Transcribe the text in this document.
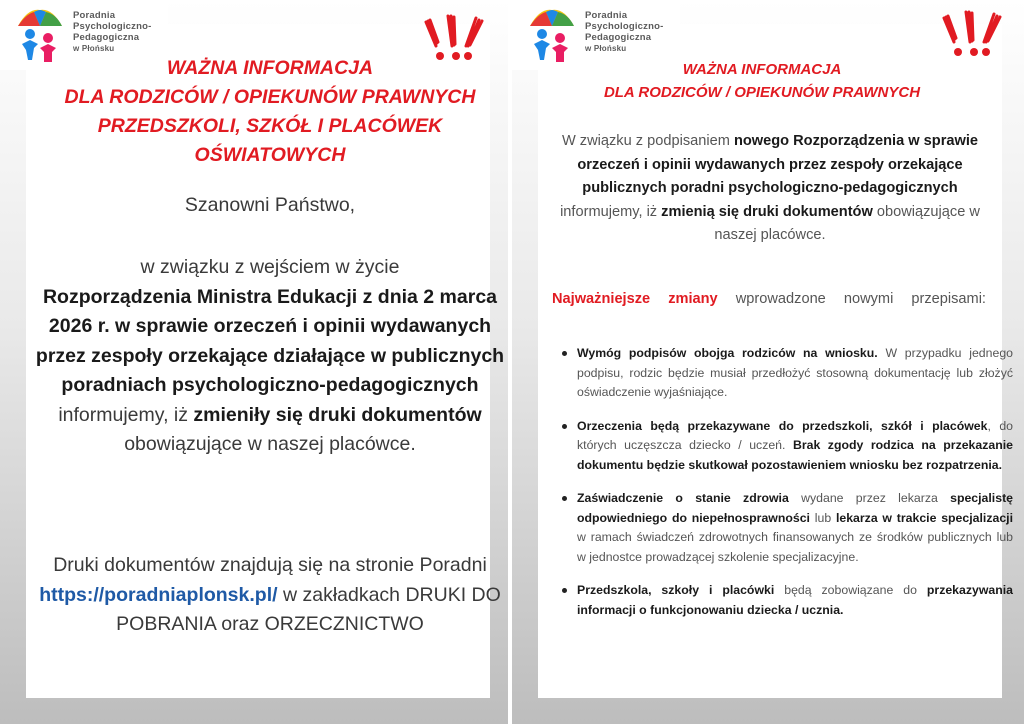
Poradnia
Psychologiczno-
Pedagogiczna
w Płońsku
WAŻNA INFORMACJA
DLA RODZICÓW / OPIEKUNÓW PRAWNYCH
PRZEDSZKOLI, SZKÓŁ I PLACÓWEK
OŚWIATOWYCH
Szanowni Państwo,
w związku z wejściem w życie
Rozporządzenia Ministra Edukacji z dnia 2 marca 2026 r. w sprawie orzeczeń i opinii wydawanych przez zespoły orzekające działające w publicznych poradniach psychologiczno-pedagogicznych informujemy, iż zmieniły się druki dokumentów obowiązujące w naszej placówce.
Druki dokumentów znajdują się na stronie Poradni https://poradniaplonsk.pl/ w zakładkach DRUKI DO POBRANIA oraz ORZECZNICTWO
Poradnia
Psychologiczno-
Pedagogiczna
w Płońsku
WAŻNA INFORMACJA
DLA RODZICÓW / OPIEKUNÓW PRAWNYCH
W związku z podpisaniem nowego Rozporządzenia w sprawie orzeczeń i opinii wydawanych przez zespoły orzekające publicznych poradni psychologiczno-pedagogicznych informujemy, iż zmienią się druki dokumentów obowiązujące w naszej placówce.
Najważniejsze zmiany wprowadzone nowymi przepisami:
Wymóg podpisów obojga rodziców na wniosku. W przypadku jednego podpisu, rodzic będzie musiał przedłożyć stosowną dokumentację lub złożyć oświadczenie wyjaśniające.
Orzeczenia będą przekazywane do przedszkoli, szkół i placówek, do których uczęszcza dziecko / uczeń. Brak zgody rodzica na przekazanie dokumentu będzie skutkował pozostawieniem wniosku bez rozpatrzenia.
Zaświadczenie o stanie zdrowia wydane przez lekarza specjalistę odpowiedniego do niepełnosprawności lub lekarza w trakcie specjalizacji w ramach świadczeń zdrowotnych finansowanych ze środków publicznych lub w jednostce prowadzącej szkolenie specjalizacyjne.
Przedszkola, szkoły i placówki będą zobowiązane do przekazywania informacji o funkcjonowaniu dziecka / ucznia.
